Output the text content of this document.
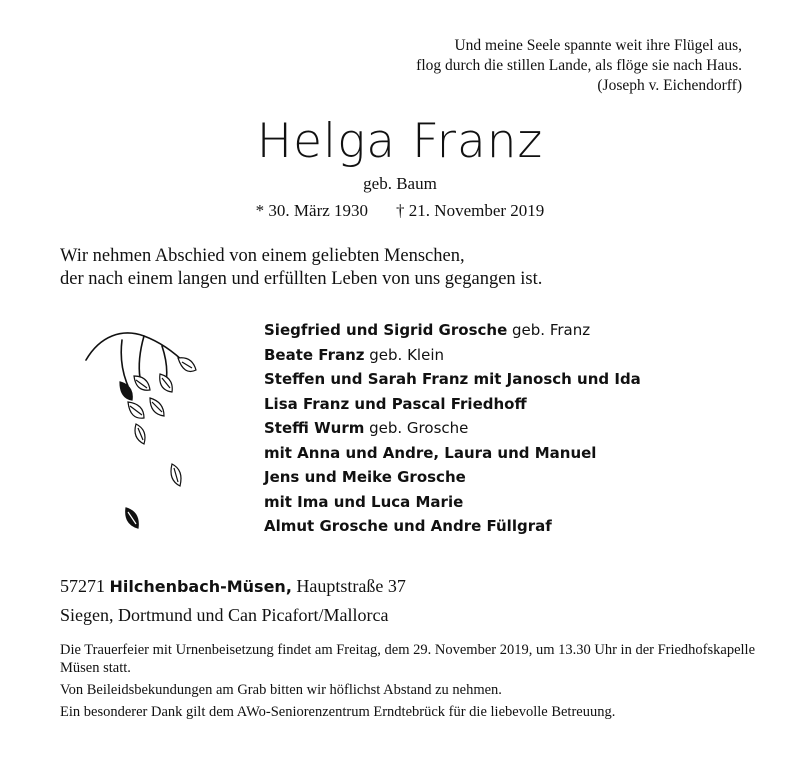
Und meine Seele spannte weit ihre Flügel aus,
flog durch die stillen Lande, als flöge sie nach Haus.
(Joseph v. Eichendorff)
Helga Franz
geb. Baum
* 30. März 1930 † 21. November 2019
Wir nehmen Abschied von einem geliebten Menschen,
der nach einem langen und erfüllten Leben von uns gegangen ist.
Siegfried und Sigrid Grosche geb. Franz
Beate Franz geb. Klein
Steffen und Sarah Franz mit Janosch und Ida
Lisa Franz und Pascal Friedhoff
Steffi Wurm geb. Grosche
mit Anna und Andre, Laura und Manuel
Jens und Meike Grosche
mit Ima und Luca Marie
Almut Grosche und Andre Füllgraf
57271 Hilchenbach-Müsen, Hauptstraße 37
Siegen, Dortmund und Can Picafort/Mallorca

Die Trauerfeier mit Urnenbeisetzung findet am Freitag, dem 29. November 2019, um 13.30 Uhr in der Friedhofskapelle Müsen statt.

Von Beileidsbekundungen am Grab bitten wir höflichst Abstand zu nehmen.

Ein besonderer Dank gilt dem AWo-Seniorenzentrum Erndtebrück für die liebevolle Betreuung.
